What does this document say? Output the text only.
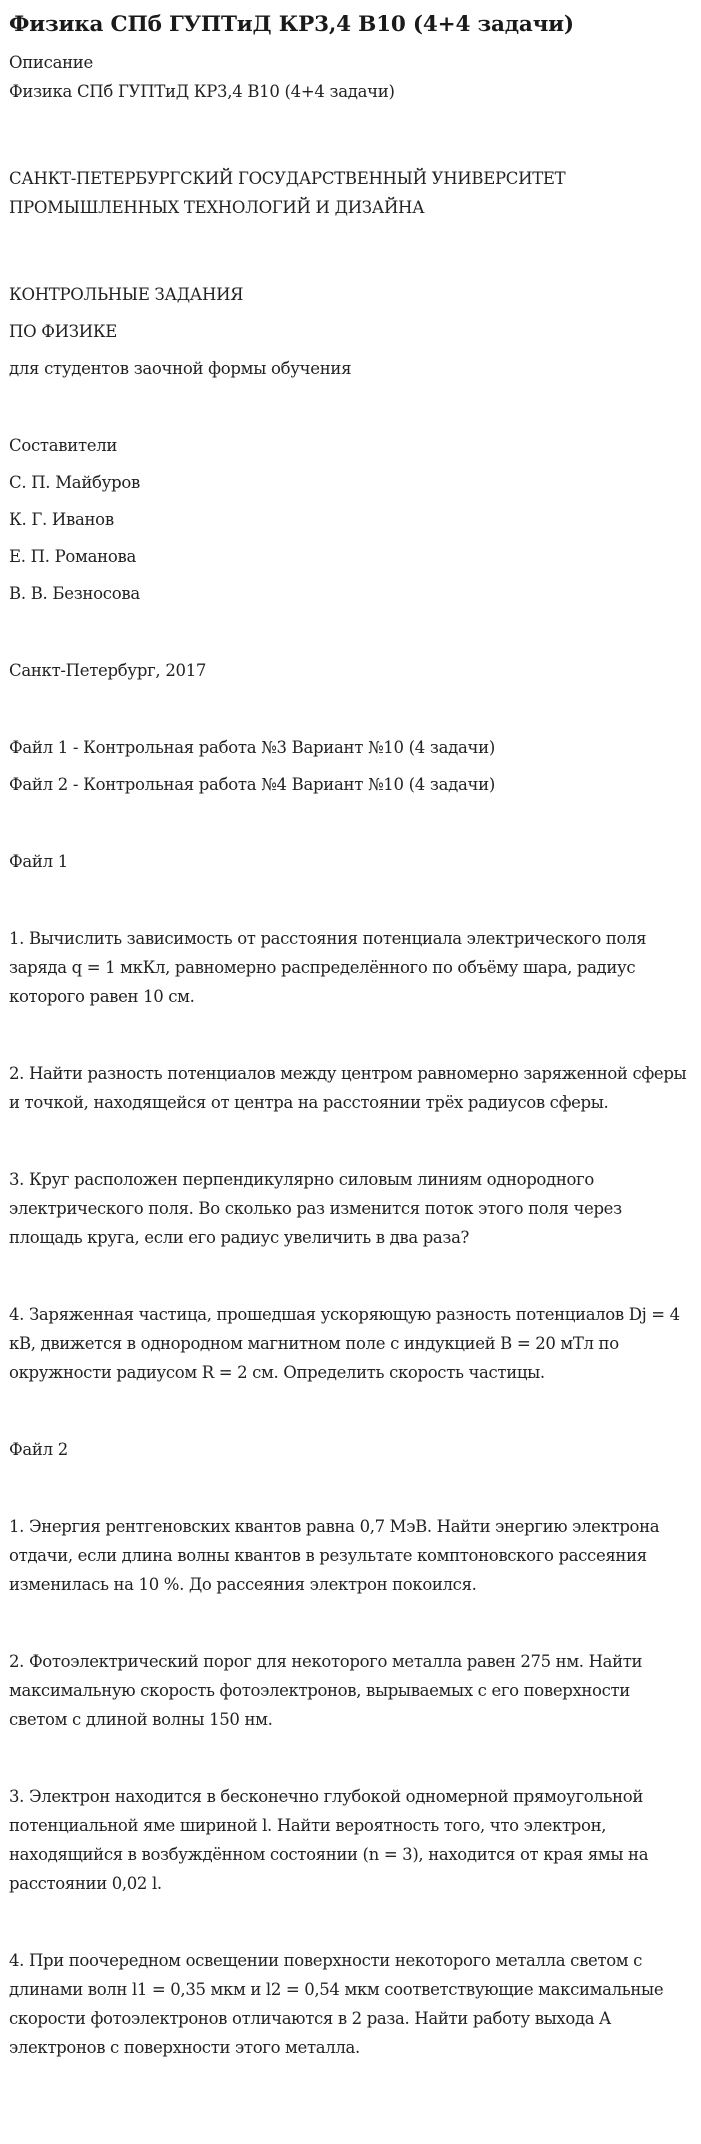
Физика СПб ГУПТиД КР3,4 В10 (4+4 задачи)

Описание

Физика СПб ГУПТиД КР3,4 В10 (4+4 задачи)

САНКТ-ПЕТЕРБУРГСКИЙ ГОСУДАРСТВЕННЫЙ УНИВЕРСИТЕТ ПРОМЫШЛЕННЫХ ТЕХНОЛОГИЙ И ДИЗАЙНА

КОНТРОЛЬНЫЕ ЗАДАНИЯ

ПО ФИЗИКЕ

для студентов заочной формы обучения

Составители

С. П. Майбуров

К. Г. Иванов

Е. П. Романова

В. В. Безносова

Санкт-Петербург, 2017

Файл 1 - Контрольная работа №3 Вариант №10 (4 задачи)

Файл 2 - Контрольная работа №4 Вариант №10 (4 задачи)

Файл 1

1. Вычислить зависимость от расстояния потенциала электрического поля заряда q = 1 мкКл, равномерно распределённого по объёму шара, радиус которого равен 10 см.

2. Найти разность потенциалов между центром равномерно заряженной сферы и точкой, находящейся от центра на расстоянии трёх радиусов сферы.

3. Круг расположен перпендикулярно силовым линиям однородного электрического поля. Во сколько раз изменится поток этого поля через площадь круга, если его радиус увеличить в два раза?

4. Заряженная частица, прошедшая ускоряющую разность потенциалов Dj = 4 кВ, движется в однородном магнитном поле с индукцией B = 20 мТл по окружности радиусом R = 2 см. Определить скорость частицы.

Файл 2

1. Энергия рентгеновских квантов равна 0,7 МэВ. Найти энергию электрона отдачи, если длина волны квантов в результате комптоновского рассеяния изменилась на 10 %. До рассеяния электрон покоился.

2. Фотоэлектрический порог для некоторого металла равен 275 нм. Найти максимальную скорость фотоэлектронов, вырываемых с его поверхности светом с длиной волны 150 нм.

3. Электрон находится в бесконечно глубокой одномерной прямоугольной потенциальной яме шириной l. Найти вероятность того, что электрон, находящийся в возбуждённом состоянии (n = 3), находится от края ямы на расстоянии 0,02 l.

4. При поочередном освещении поверхности некоторого металла светом с длинами волн l1 = 0,35 мкм и l2 = 0,54 мкм соответствующие максимальные скорости фотоэлектронов отличаются в 2 раза. Найти работу выхода A электронов с поверхности этого металла.
